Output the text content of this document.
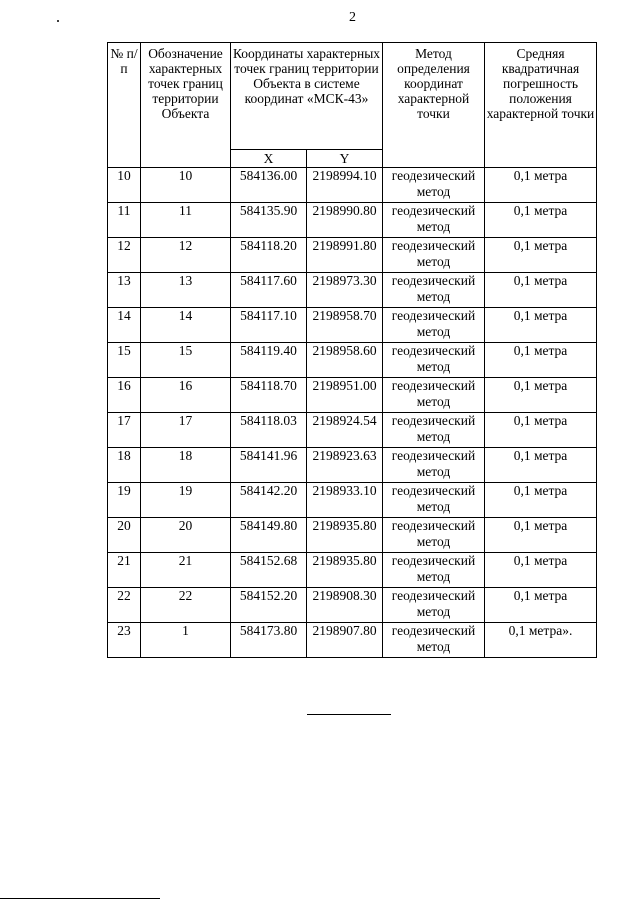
2
№ п/п	Обозначение характерных точек границ территории Объекта	Координаты характерных точек границ территории Объекта в системе координат «МСК-43»		Метод определения координат характерной точки	Средняя квадратичная погрешность положения характерной точки
		X	Y		
10	10	584136.00	2198994.10	геодезический метод	0,1 метра
11	11	584135.90	2198990.80	геодезический метод	0,1 метра
12	12	584118.20	2198991.80	геодезический метод	0,1 метра
13	13	584117.60	2198973.30	геодезический метод	0,1 метра
14	14	584117.10	2198958.70	геодезический метод	0,1 метра
15	15	584119.40	2198958.60	геодезический метод	0,1 метра
16	16	584118.70	2198951.00	геодезический метод	0,1 метра
17	17	584118.03	2198924.54	геодезический метод	0,1 метра
18	18	584141.96	2198923.63	геодезический метод	0,1 метра
19	19	584142.20	2198933.10	геодезический метод	0,1 метра
20	20	584149.80	2198935.80	геодезический метод	0,1 метра
21	21	584152.68	2198935.80	геодезический метод	0,1 метра
22	22	584152.20	2198908.30	геодезический метод	0,1 метра
23	1	584173.80	2198907.80	геодезический метод	0,1 метра».
